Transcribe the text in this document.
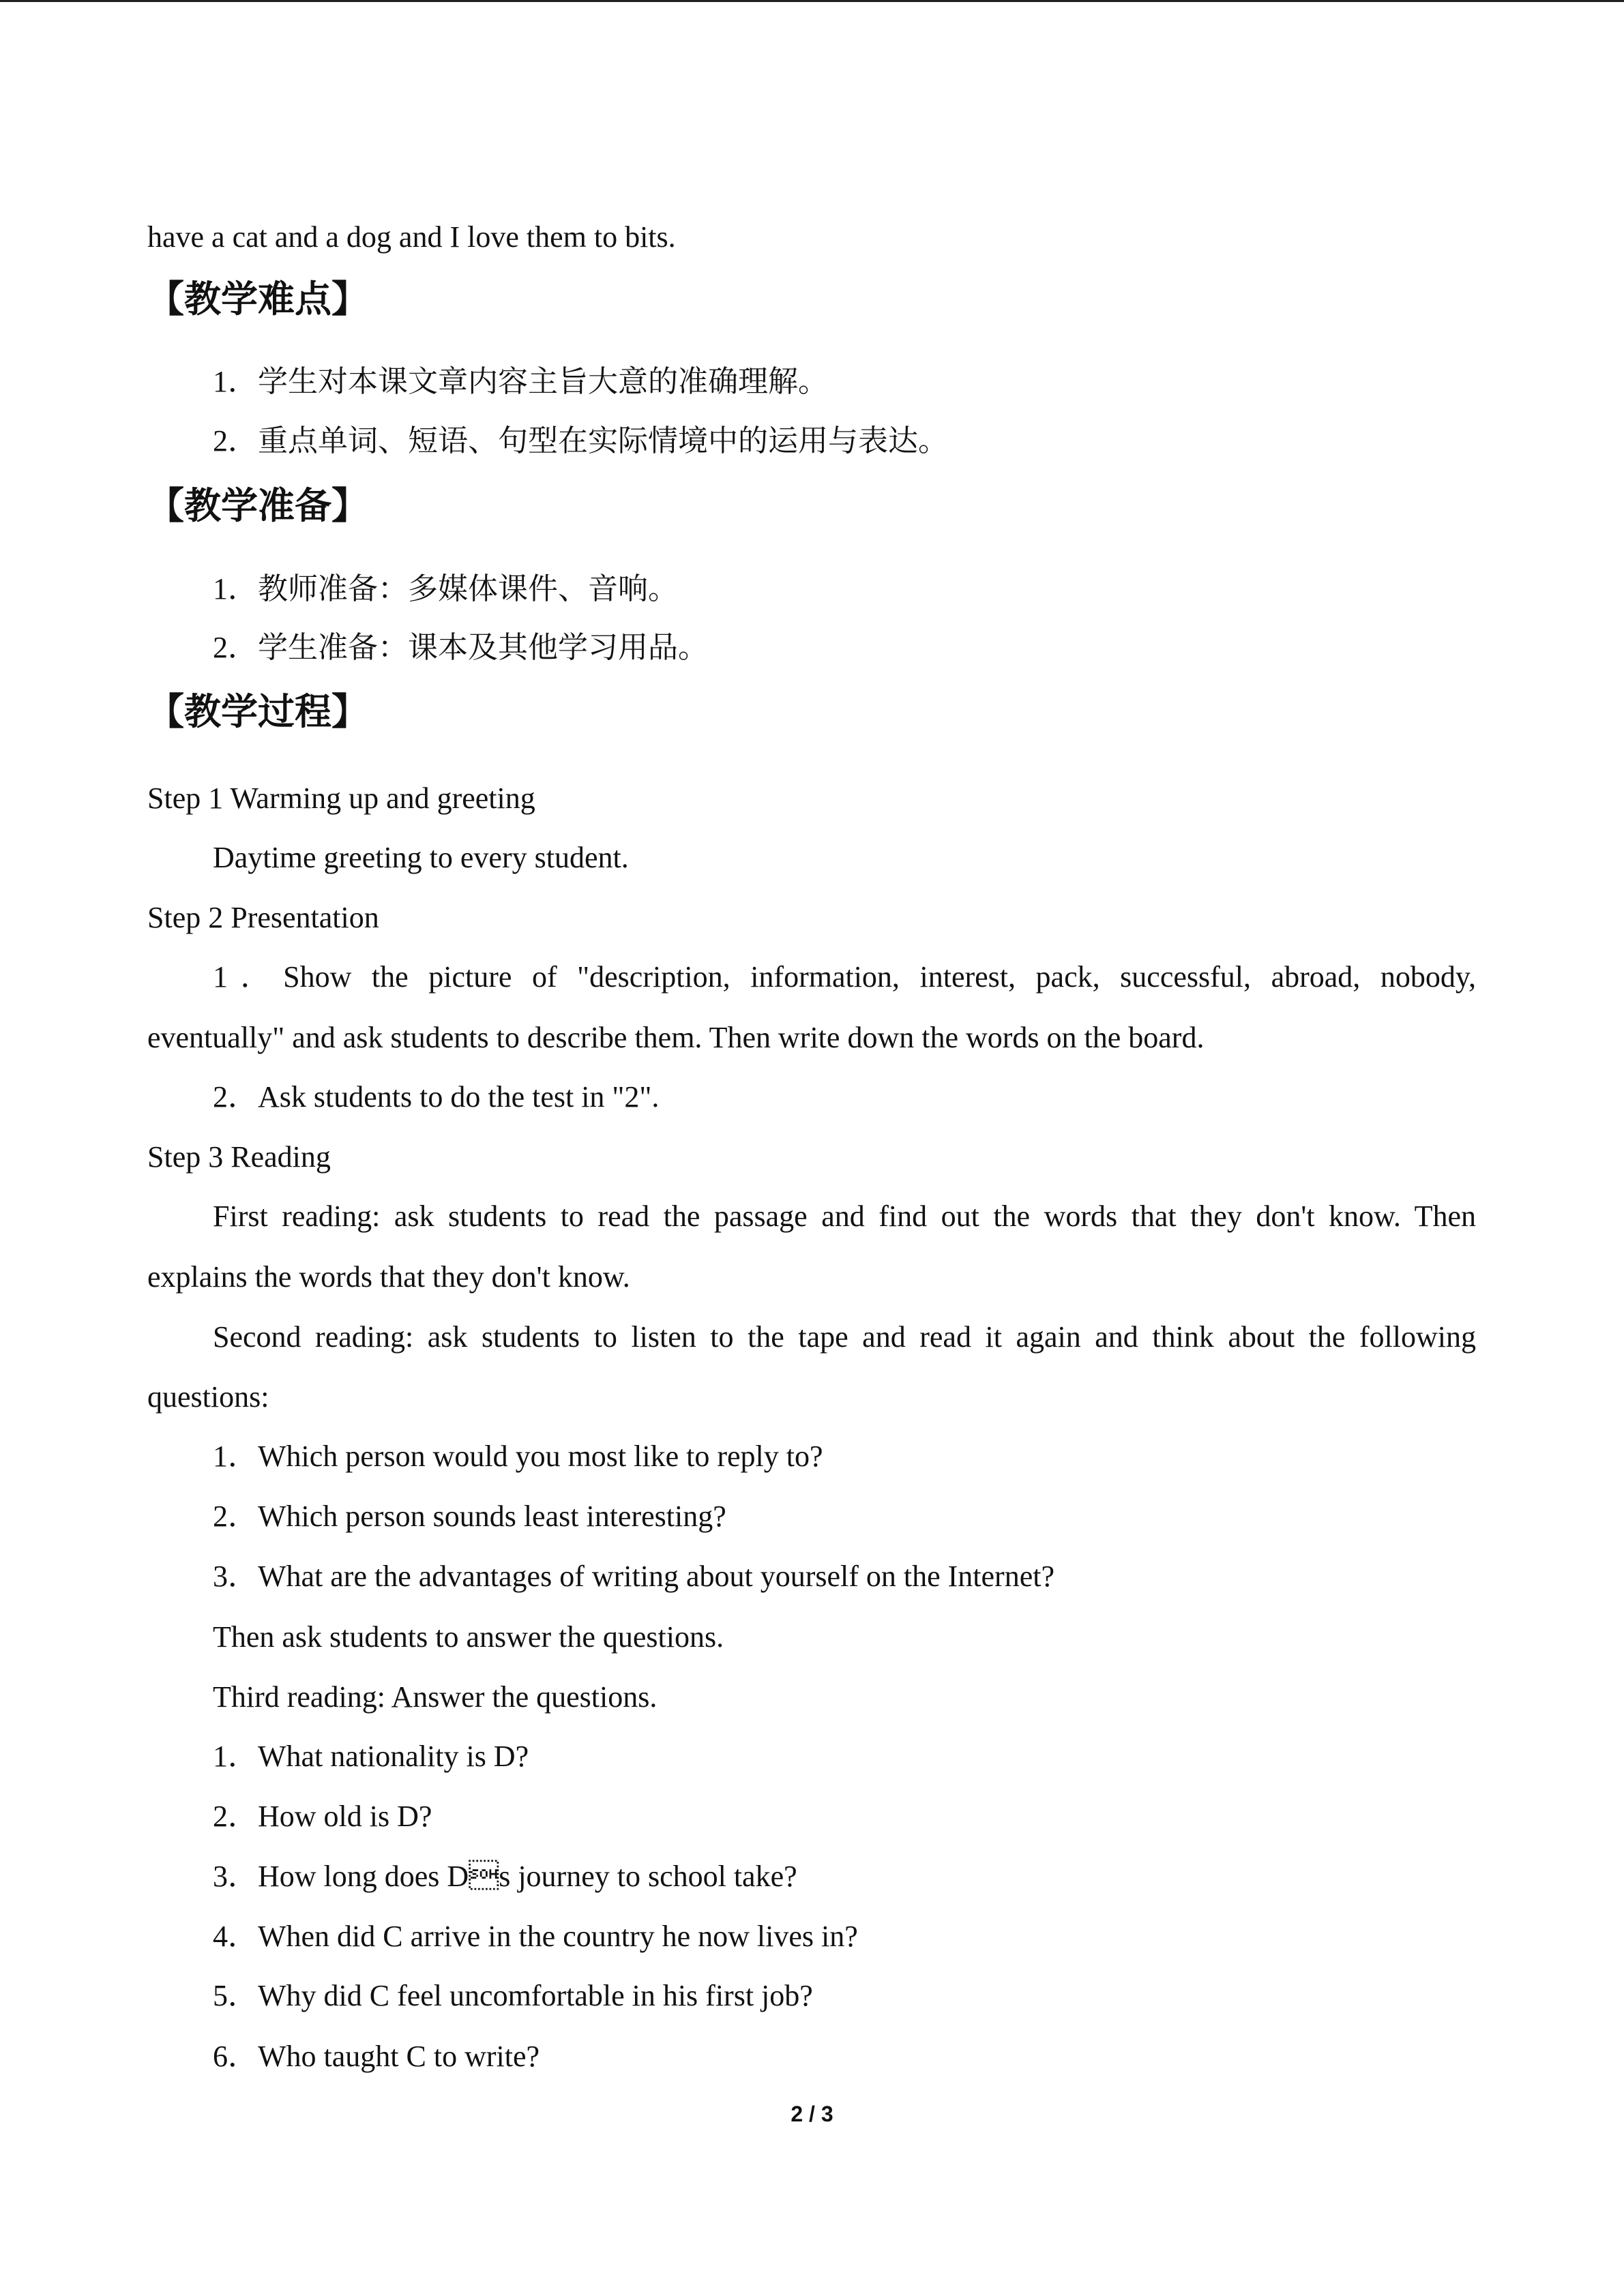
have a cat and a dog and I love them to bits.
【教学难点】
1．学生对本课文章内容主旨大意的准确理解。
2．重点单词、短语、句型在实际情境中的运用与表达。
【教学准备】
1．教师准备：多媒体课件、音响。
2．学生准备：课本及其他学习用品。
【教学过程】
Step 1 Warming up and greeting
Daytime greeting to every student.
Step 2 Presentation
1．Show the picture of "description, information, interest, pack, successful, abroad, nobody,
eventually" and ask students to describe them. Then write down the words on the board.
2．Ask students to do the test in "2".
Step 3 Reading
First reading: ask students to read the passage and find out the words that they don't know. Then
explains the words that they don't know.
Second reading: ask students to listen to the tape and read it again and think about the following
questions:
1．Which person would you most like to reply to?
2．Which person sounds least interesting?
3．What are the advantages of writing about yourself on the Internet?
Then ask students to answer the questions.
Third reading: Answer the questions.
1．What nationality is D?
2．How old is D?
3．How long does Ds journey to school take?
4．When did C arrive in the country he now lives in?
5．Why did C feel uncomfortable in his first job?
6．Who taught C to write?
2 / 3
